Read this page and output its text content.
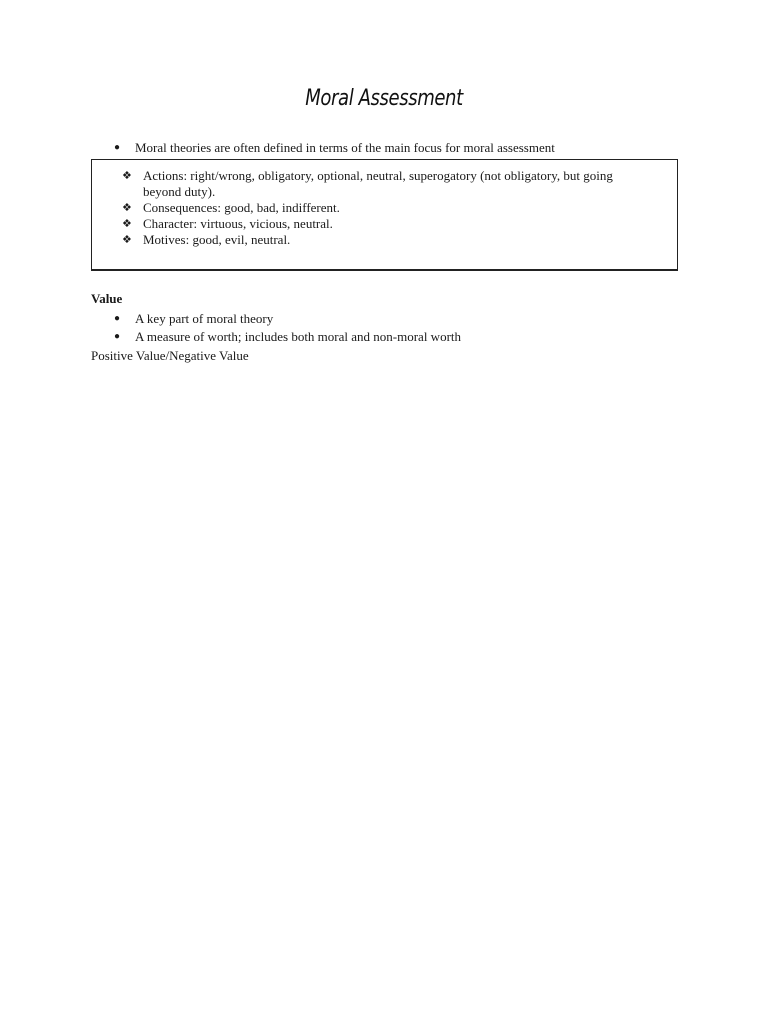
Moral Assessment
● Moral theories are often defined in terms of the main focus for moral assessment
❖ Actions: right/wrong, obligatory, optional, neutral, superogatory (not obligatory, but going beyond duty).
❖ Consequences: good, bad, indifferent.
❖ Character: virtuous, vicious, neutral.
❖ Motives: good, evil, neutral.
Value
● A key part of moral theory
● A measure of worth; includes both moral and non-moral worth
Positive Value/Negative Value
